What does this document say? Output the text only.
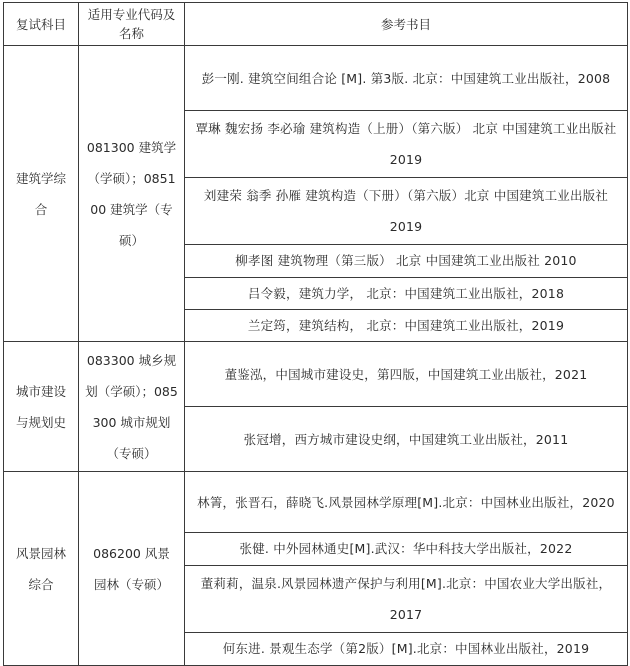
复试科目	适用专业代码及名称	参考书目
建筑学综合	081300 建筑学（学硕）；085100 建筑学（专硕）	彭一刚. 建筑空间组合论 [M]. 第3版. 北京：中国建筑工业出版社，2008
		覃琳 魏宏扬 李必瑜 建筑构造（上册）（第六版） 北京 中国建筑工业出版社 2019
		刘建荣 翁季 孙雁 建筑构造（下册）（第六版）北京 中国建筑工业出版社 2019
		柳孝图 建筑物理（第三版） 北京 中国建筑工业出版社 2010
		吕令毅，建筑力学， 北京：中国建筑工业出版社，2018
		兰定筠，建筑结构， 北京：中国建筑工业出版社，2019
城市建设与规划史	083300 城乡规划（学硕）；085300 城市规划（专硕）	董鉴泓，中国城市建设史，第四版，中国建筑工业出版社，2021
		张冠增，西方城市建设史纲，中国建筑工业出版社，2011
风景园林综合	086200 风景园林（专硕）	林箐，张晋石，薛晓飞.风景园林学原理[M].北京：中国林业出版社，2020
		张健. 中外园林通史[M].武汉：华中科技大学出版社，2022
		董莉莉，温泉.风景园林遗产保护与利用[M].北京：中国农业大学出版社，2017
		何东进. 景观生态学（第2版）[M].北京：中国林业出版社，2019
